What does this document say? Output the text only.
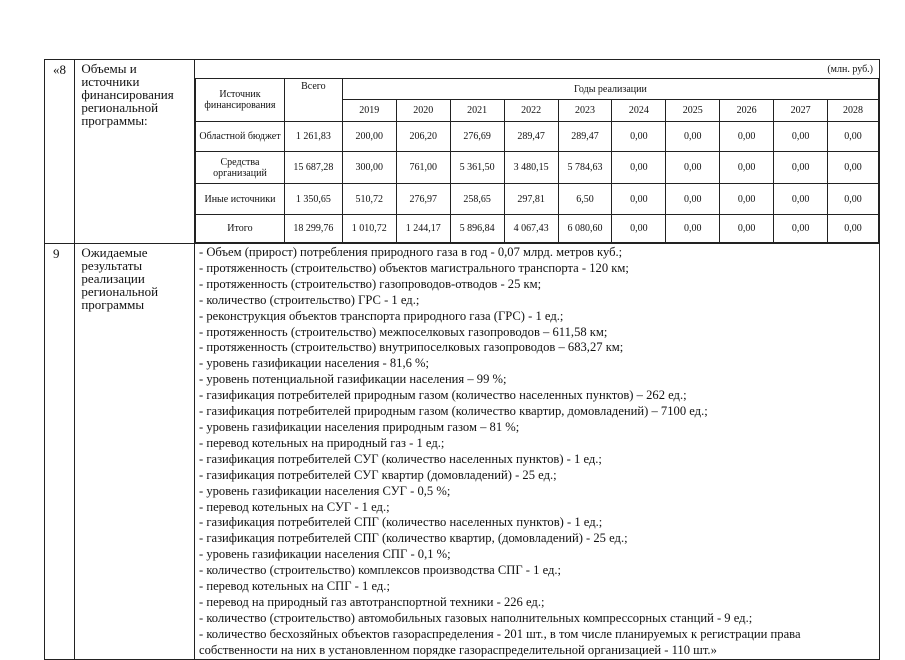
«8	Объемы и источники финансирования региональной программы:	
(млн. руб.)
Источник финансирования	Всего	Годы реализации
2019	2020	2021	2022	2023	2024	2025	2026	2027	2028
Областной бюджет	1 261,83	200,00	206,20	276,69	289,47	289,47	0,00	0,00	0,00	0,00	0,00
Средства организаций	15 687,28	300,00	761,00	5 361,50	3 480,15	5 784,63	0,00	0,00	0,00	0,00	0,00
Иные источники	1 350,65	510,72	276,97	258,65	297,81	6,50	0,00	0,00	0,00	0,00	0,00
Итого	18 299,76	1 010,72	1 244,17	5 896,84	4 067,43	6 080,60	0,00	0,00	0,00	0,00	0,00

9	Ожидаемые результаты реализации региональной программы	
- Объем (прирост) потребления природного газа в год - 0,07 млрд. метров куб.;
- протяженность (строительство) объектов магистрального транспорта - 120 км;
- протяженность (строительство) газопроводов-отводов - 25 км;
- количество (строительство) ГРС - 1 ед.;
- реконструкция объектов транспорта природного газа (ГРС) - 1 ед.;
- протяженность (строительство) межпоселковых газопроводов – 611,58 км;
- протяженность (строительство) внутрипоселковых газопроводов – 683,27 км;
- уровень газификации населения - 81,6 %;
- уровень потенциальной газификации населения – 99 %;
- газификация потребителей природным газом (количество населенных пунктов) – 262 ед.;
- газификация потребителей природным газом (количество квартир, домовладений) – 7100 ед.;
- уровень газификации населения природным газом – 81 %;
- перевод котельных на природный газ - 1 ед.;
- газификация потребителей СУГ (количество населенных пунктов) - 1 ед.;
- газификация потребителей СУГ квартир (домовладений) - 25 ед.;
- уровень газификации населения СУГ - 0,5 %;
- перевод котельных на СУГ - 1 ед.;
- газификация потребителей СПГ (количество населенных пунктов) - 1 ед.;
- газификация потребителей СПГ (количество квартир, (домовладений) - 25 ед.;
- уровень газификации населения СПГ - 0,1 %;
- количество (строительство) комплексов производства СПГ - 1 ед.;
- перевод котельных на СПГ - 1 ед.;
- перевод на природный газ автотранспортной техники - 226 ед.;
- количество (строительство) автомобильных газовых наполнительных компрессорных станций - 9 ед.;
- количество бесхозяйных объектов газораспределения - 201 шт., в том числе планируемых к регистрации права собственности на них в установленном порядке газораспределительной организацией - 110 шт.»
